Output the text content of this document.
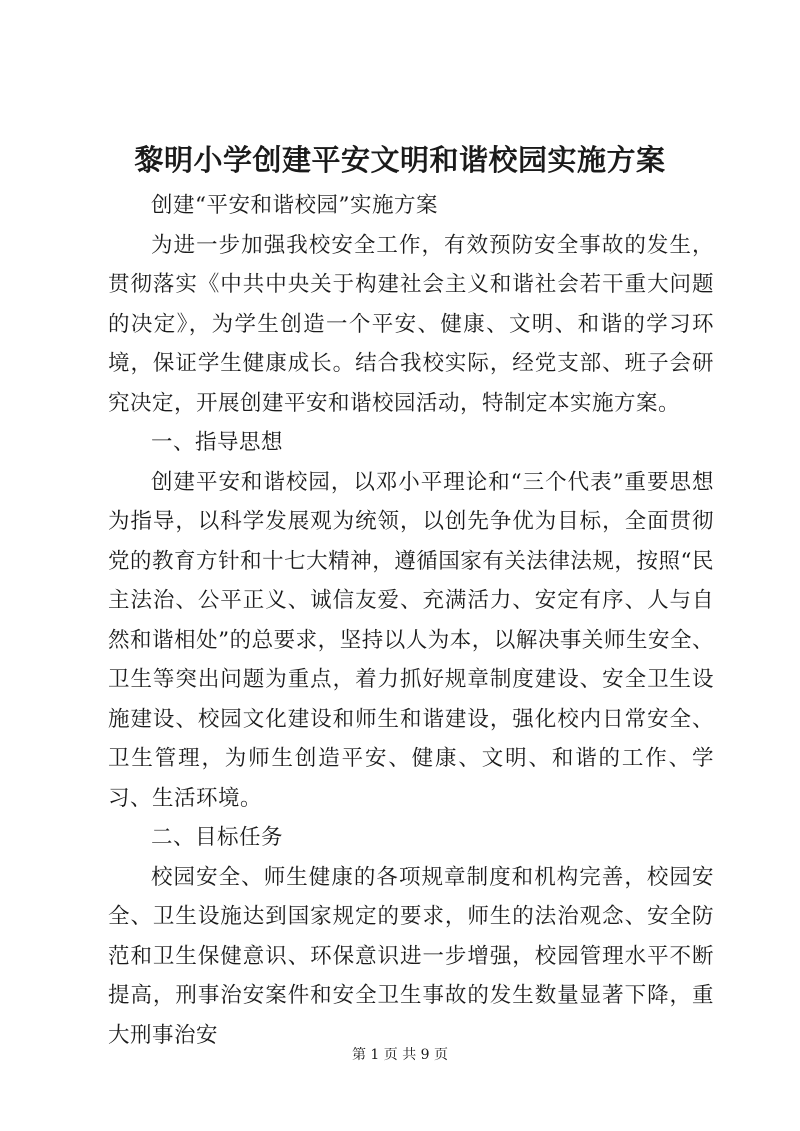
黎明小学创建平安文明和谐校园实施方案

创建“平安和谐校园”实施方案

为进一步加强我校安全工作，有效预防安全事故的发生，贯彻落实《中共中央关于构建社会主义和谐社会若干重大问题的决定》，为学生创造一个平安、健康、文明、和谐的学习环境，保证学生健康成长。结合我校实际，经党支部、班子会研究决定，开展创建平安和谐校园活动，特制定本实施方案。

一、指导思想

创建平安和谐校园，以邓小平理论和“三个代表”重要思想为指导，以科学发展观为统领，以创先争优为目标，全面贯彻党的教育方针和十七大精神，遵循国家有关法律法规，按照“民主法治、公平正义、诚信友爱、充满活力、安定有序、人与自然和谐相处”的总要求，坚持以人为本，以解决事关师生安全、卫生等突出问题为重点，着力抓好规章制度建设、安全卫生设施建设、校园文化建设和师生和谐建设，强化校内日常安全、卫生管理，为师生创造平安、健康、文明、和谐的工作、学习、生活环境。

二、目标任务

校园安全、师生健康的各项规章制度和机构完善，校园安全、卫生设施达到国家规定的要求，师生的法治观念、安全防范和卫生保健意识、环保意识进一步增强，校园管理水平不断提高，刑事治安案件和安全卫生事故的发生数量显著下降，重大刑事治安

第 1 页 共 9 页
